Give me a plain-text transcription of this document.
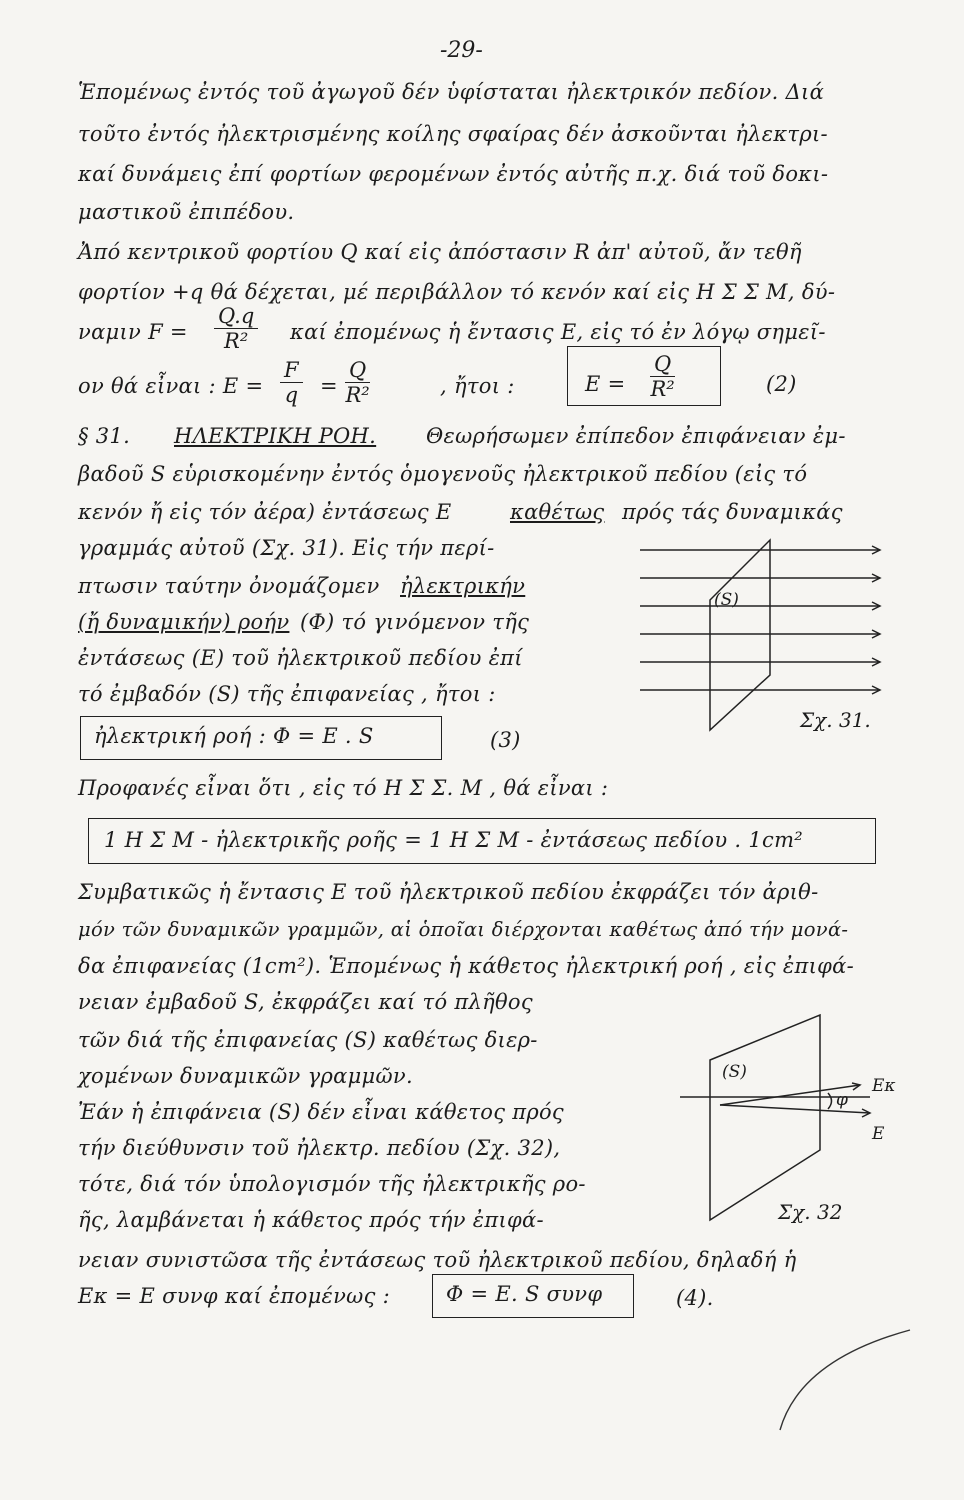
-29-
Ἑπομένως ἐντός τοῦ ἀγωγοῦ δέν ὑφίσταται ἠλεκτρικόν πεδίον. Διά
τοῦτο ἐντός ἠλεκτρισμένης κοίλης σφαίρας δέν ἀσκοῦνται ἠλεκτρι-
καί δυνάμεις ἐπί φορτίων φερομένων ἐντός αὐτῆς π.χ. διά τοῦ δοκι-
μαστικοῦ ἐπιπέδου.
Ἀπό κεντρικοῦ φορτίου Q καί εἰς ἀπόστασιν R ἀπ' αὐτοῦ, ἄν τεθῆ
φορτίον +q θά δέχεται, μέ περιβάλλον τό κενόν καί εἰς Η Σ Σ Μ, δύ-
ναμιν $F = \frac{Q.q}{\text{R²}}$ καί ἐπομένως ἡ ἔντασις E, εἰς τό ἐν λόγῳ σημεῖ-
ον θά εἶναι : $E = \frac{F}{q} = \frac{Q}{\text{R²}}$	, ἤτοι :	$E = \frac{Q}{\text{R²}}$	(2)
§ 31. ΗΛΕΚΤΡΙΚΗ ΡΟΗ. Θεωρήσωμεν ἐπίπεδον ἐπιφάνειαν ἐμ-
βαδοῦ S εὑρισκομένην ἐντός ὁμογενοῦς ἠλεκτρικοῦ πεδίου (εἰς τό
κενόν ἤ εἰς τόν ἀέρα) ἐντάσεως E	καθέτως πρός τάς δυναμικάς
γραμμάς αὐτοῦ (Σχ. 31). Εἰς τήν περί-
πτωσιν ταύτην ὀνομάζομεν ἠλεκτρικήν
(ἤ δυναμικήν) ροήν (Φ) τό γινόμενον τῆς
ἐντάσεως (E) τοῦ ἠλεκτρικοῦ πεδίου ἐπί
τό ἐμβαδόν (S) τῆς ἐπιφανείας , ἤτοι :
(S)
Σχ. 31.
ἠλεκτρική ροή : Φ = E . S	(3)
Προφανές εἶναι ὅτι , εἰς τό Η Σ Σ. Μ , θά εἶναι :
1 Η Σ Μ - ἠλεκτρικῆς ροῆς = 1 Η Σ Μ - ἐντάσεως πεδίου . 1cm²
Συμβατικῶς ἡ ἔντασις E τοῦ ἠλεκτρικοῦ πεδίου ἐκφράζει τόν ἀριθ-
μόν τῶν δυναμικῶν γραμμῶν, αἱ ὁποῖαι διέρχονται καθέτως ἀπό τήν μονά-
δα ἐπιφανείας (1cm²). Ἑπομένως ἡ κάθετος ἠλεκτρική ροή , εἰς ἐπιφά-
νειαν ἐμβαδοῦ S, ἐκφράζει καί τό πλῆθος
τῶν διά τῆς ἐπιφανείας (S) καθέτως διερ-
χομένων δυναμικῶν γραμμῶν.
Ἐάν ἡ ἐπιφάνεια (S) δέν εἶναι κάθετος πρός
τήν διεύθυνσιν τοῦ ἠλεκτρ. πεδίου (Σχ. 32),
τότε, διά τόν ὑπολογισμόν τῆς ἠλεκτρικῆς ρο-
ῆς, λαμβάνεται ἡ κάθετος πρός τήν ἐπιφά-
νειαν συνιστῶσα τῆς ἐντάσεως τοῦ ἠλεκτρικοῦ πεδίου, δηλαδή ἡ
Eκ = E συνφ καί ἐπομένως :	Φ = E. S συνφ	(4).
(S)
φ
Eκ
E
Σχ. 32
